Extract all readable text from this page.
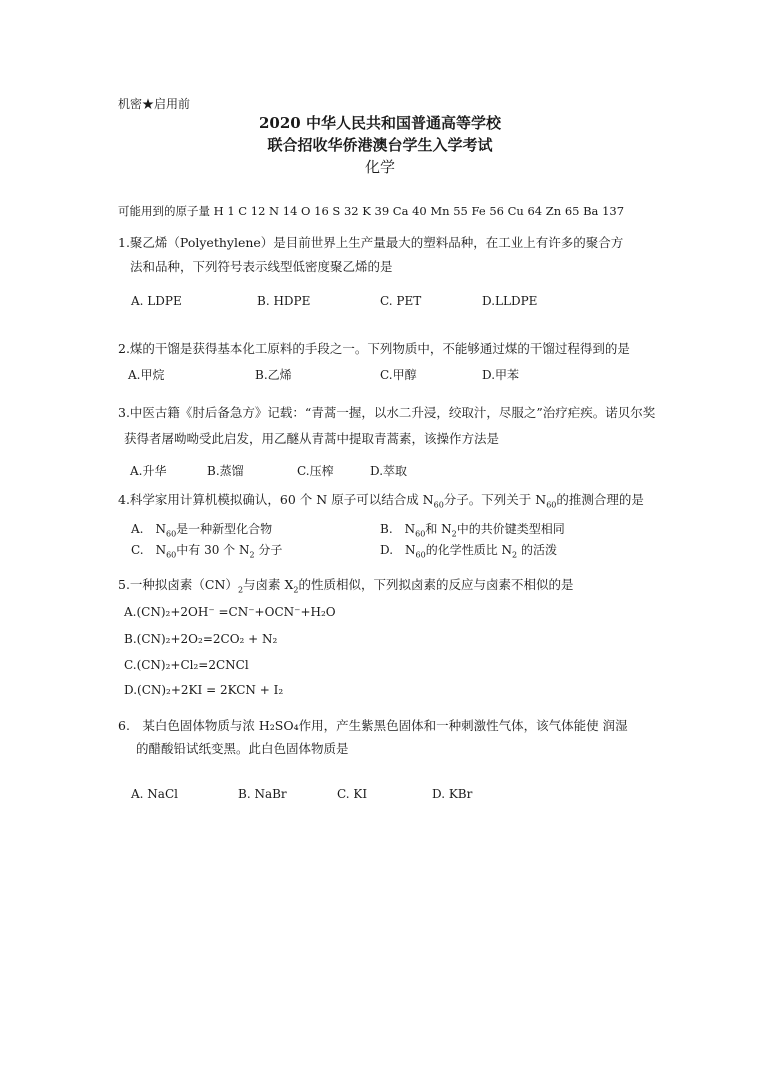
机密★启用前
2020 中华人民共和国普通高等学校
联合招收华侨港澳台学生入学考试
化学
可能用到的原子量 H 1 C 12 N 14 O 16 S 32 K 39 Ca 40 Mn 55 Fe 56 Cu 64 Zn 65 Ba 137
1.聚乙烯（Polyethylene）是目前世界上生产量最大的塑料品种，在工业上有许多的聚合方
法和品种，下列符号表示线型低密度聚乙烯的是
A. LDPE	B. HDPE	C. PET	D.LLDPE
2.煤的干馏是获得基本化工原料的手段之一。下列物质中，不能够通过煤的干馏过程得到的是
A.甲烷	B.乙烯	C.甲醇	D.甲苯
3.中医古籍《肘后备急方》记载：“青蒿一握，以水二升浸，绞取汁，尽服之”治疗疟疾。诺贝尔奖
获得者屠呦呦受此启发，用乙醚从青蒿中提取青蒿素，该操作方法是
A.升华	B.蒸馏	C.压榨	D.萃取
4.科学家用计算机模拟确认，60 个 N 原子可以结合成 $N_{60}$分子。下列关于 $N_{60}$的推测合理的是
A.　$N_{60}$是一种新型化合物	B.　$N_{60}$和 $N_2$中的共价键类型相同
C.　$N_{60}$中有 30 个 $N_2$ 分子	D.　$N_{60}$的化学性质比 $N_2$ 的活泼
5.一种拟卤素$(CN)_2$与卤素 $X_2$的性质相似，下列拟卤素的反应与卤素不相似的是
A.(CN)₂+2OH⁻ =CN⁻+OCN⁻+H₂O
B.(CN)₂+2O₂=2CO₂ + N₂
C.(CN)₂+Cl₂=2CNCl
D.(CN)₂+2KI = 2KCN + I₂
6.　某白色固体物质与浓 H₂SO₄作用，产生紫黑色固体和一种刺激性气体，该气体能使 润湿
的醋酸铅试纸变黑。此白色固体物质是
A. NaCl	B. NaBr	C. KI	D. KBr
